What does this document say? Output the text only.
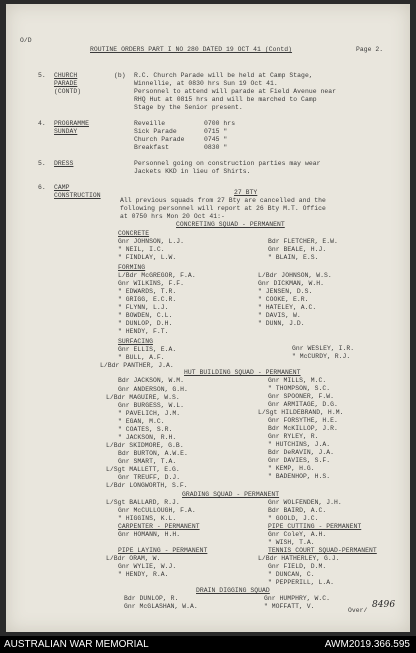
O/D
ROUTINE ORDERS PART I NO 280 DATED 19 OCT 41 (Contd)	Page 2.
5. CHURCH
PARADE
(CONTD)
(b) R.C. Church Parade will be held at Camp Stage,
Winnellie, at 0830 hrs Sun 19 Oct 41.
Personnel to attend will parade at Field Avenue near
RHQ Hut at 0815 hrs and will be marched to Camp
Stage by the Senior present.
4. PROGRAMME
SUNDAY
Reveille	0700 hrs
Sick Parade	0715 "
Church Parade	0745 "
Breakfast	0830 "
5. DRESS	Personnel going on construction parties may wear
Jackets KKD in lieu of Shirts.
6. CAMP
CONSTRUCTION	27 BTY
All previous squads from 27 Bty are cancelled and the
following personnel will report at 26 Bty M.T. Office
at 0750 hrs Mon 20 Oct 41:-
CONCRETING SQUAD - PERMANENT
CONCRETE
Gnr JOHNSON, L.J.
" NEIL, I.C.
" FINDLAY, L.W.
Bdr FLETCHER, E.W.
Gnr BEALE, H.J.
" BLAIN, E.S.
FORMING
L/Bdr McGREGOR, F.A.
Gnr WILKINS, F.F.
" EDWARDS, T.R.
" GRIGG, E.C.R.
" FLYNN, L.J.
" BOWDEN, C.L.
" DUNLOP, D.H.
" HENDY, F.T.
L/Bdr JOHNSON, W.S.
Gnr DICKMAN, W.H.
" JENSEN, D.S.
" COOKE, E.R.
" HATELEY, A.C.
" DAVIS, W.
" DUNN, J.D.
SURFACING
Gnr ELLIS, E.A.
" BULL, A.F.
L/Bdr PANTHER, J.A.
Gnr WESLEY, I.R.
" McCURDY, R.J.
HUT BUILDING SQUAD - PERMANENT
Bdr JACKSON, W.M.
Gnr ANDERSON, G.H.
L/Bdr MAGUIRE, W.S.
Gnr BURGESS, W.L.
" PAVELICH, J.M.
" EGAN, M.C.
" COATES, S.R.
" JACKSON, R.H.
L/Bdr SKIDMORE, G.B.
Bdr BURTON, A.W.E.
Gnr SMART, T.A.
L/Sgt MALLETT, E.G.
Gnr TREUFF, D.J.
L/Bdr LONGWORTH, S.F.
Gnr MILLS, M.C.
" THOMPSON, S.C.
Gnr SPOONER, F.W.
Gnr ARMITAGE, D.G.
L/Sgt HILDEBRAND, H.M.
Gnr FORSYTHE, H.E.
Bdr McKILLOP, J.R.
Gnr RYLEY, R.
" HUTCHINS, J.A.
Bdr DeRAVIN, J.A.
Gnr DAVIES, S.F.
" KEMP, H.G.
" BADENHOP, H.S.
GRADING SQUAD - PERMANENT
L/Sgt BALLARD, R.J.
Gnr McCULLOUGH, F.A.
" HIGGINS, K.L.
Gnr WOLFENDEN, J.H.
Bdr BAIRD, A.C.
" GOOLD, J.C.
CARPENTER - PERMANENT
Gnr HOMANN, H.H.
PIPE CUTTING - PERMANENT
Gnr ColeY, A.H.
" WISH, T.A.
TENNIS COURT SQUAD-PERMANENT
L/Bdr HATHERLEY, G.J.
Gnr FIELD, D.M.
" DUNCAN, C.
" PEPPERILL, L.A.
PIPE LAYING - PERMANENT
L/Bdr ORAM, W.
Gnr WYLIE, W.J.
" HENDY, R.A.
DRAIN DIGGING SQUAD
Bdr DUNLOP, R.
Gnr McGLASHAN, W.A.
Gnr HUMPHRY, W.C.
" MOFFATT, V.
Over/
8496
AUSTRALIAN WAR MEMORIAL	AWM2019.366.595
